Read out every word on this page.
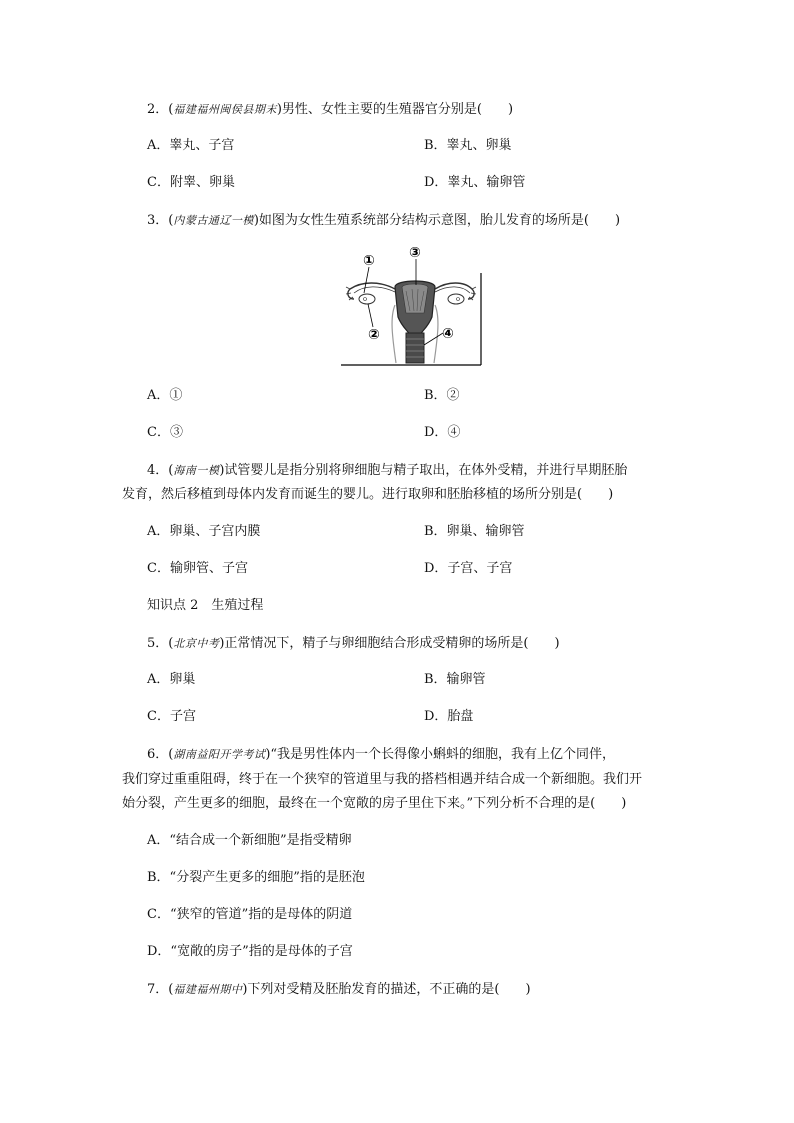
2．(福建福州闽侯县期末)男性、女性主要的生殖器官分别是(　　)
A．睾丸、子宫	B．睾丸、卵巢
C．附睾、卵巢	D．睾丸、输卵管
3．(内蒙古通辽一模)如图为女性生殖系统部分结构示意图，胎儿发育的场所是(　　)
①
②
③
④
A．①	B．②
C．③	D．④
4．(海南一模)试管婴儿是指分别将卵细胞与精子取出，在体外受精，并进行早期胚胎
发育，然后移植到母体内发育而诞生的婴儿。进行取卵和胚胎移植的场所分别是(　　)
A．卵巢、子宫内膜	B．卵巢、输卵管
C．输卵管、子宫	D．子宫、子宫
知识点 2　生殖过程
5．(北京中考)正常情况下，精子与卵细胞结合形成受精卵的场所是(　　)
A．卵巢	B．输卵管
C．子宫	D．胎盘
6．(湖南益阳开学考试)“我是男性体内一个长得像小蝌蚪的细胞，我有上亿个同伴，
我们穿过重重阻碍，终于在一个狭窄的管道里与我的搭档相遇并结合成一个新细胞。我们开
始分裂，产生更多的细胞，最终在一个宽敞的房子里住下来。”下列分析不合理的是(　　)
A．“结合成一个新细胞”是指受精卵
B．“分裂产生更多的细胞”指的是胚泡
C．“狭窄的管道”指的是母体的阴道
D．“宽敞的房子”指的是母体的子宫
7．(福建福州期中)下列对受精及胚胎发育的描述，不正确的是(　　)
